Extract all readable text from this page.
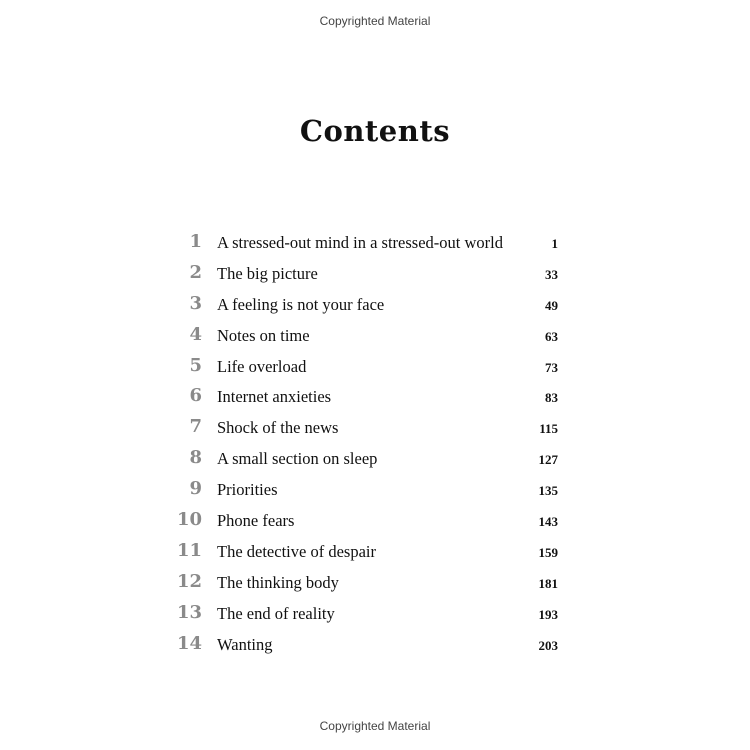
Copyrighted Material
Contents
1 A stressed-out mind in a stressed-out world	1
2 The big picture	33
3 A feeling is not your face	49
4 Notes on time	63
5 Life overload	73
6 Internet anxieties	83
7 Shock of the news	115
8 A small section on sleep	127
9 Priorities	135
10 Phone fears	143
11 The detective of despair	159
12 The thinking body	181
13 The end of reality	193
14 Wanting	203
Copyrighted Material
